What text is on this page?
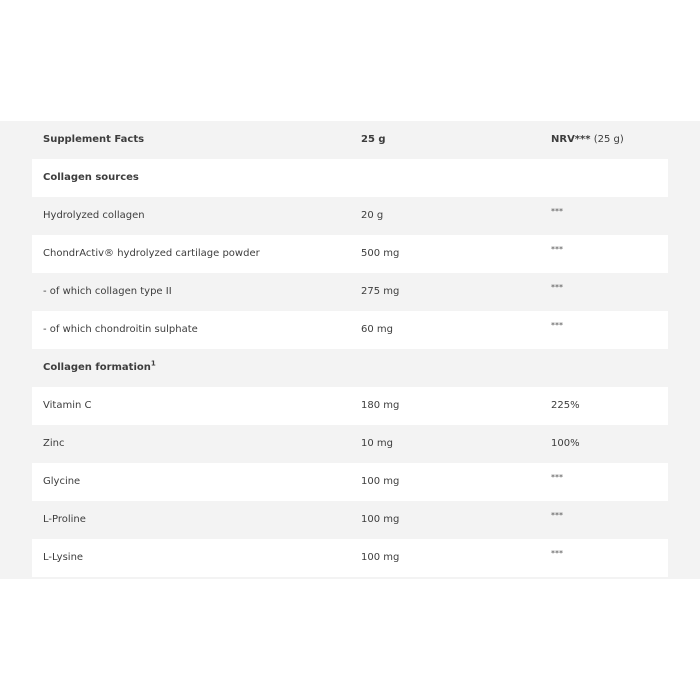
Supplement Facts	25 g	NRV*** (25 g)
Collagen sources
Hydrolyzed collagen	20 g	***
ChondrActiv® hydrolyzed cartilage powder	500 mg	***
- of which collagen type II	275 mg	***
- of which chondroitin sulphate	60 mg	***
Collagen formation$^1$
Vitamin C	180 mg	225%
Zinc	10 mg	100%
Glycine	100 mg	***
L-Proline	100 mg	***
L-Lysine	100 mg	***
